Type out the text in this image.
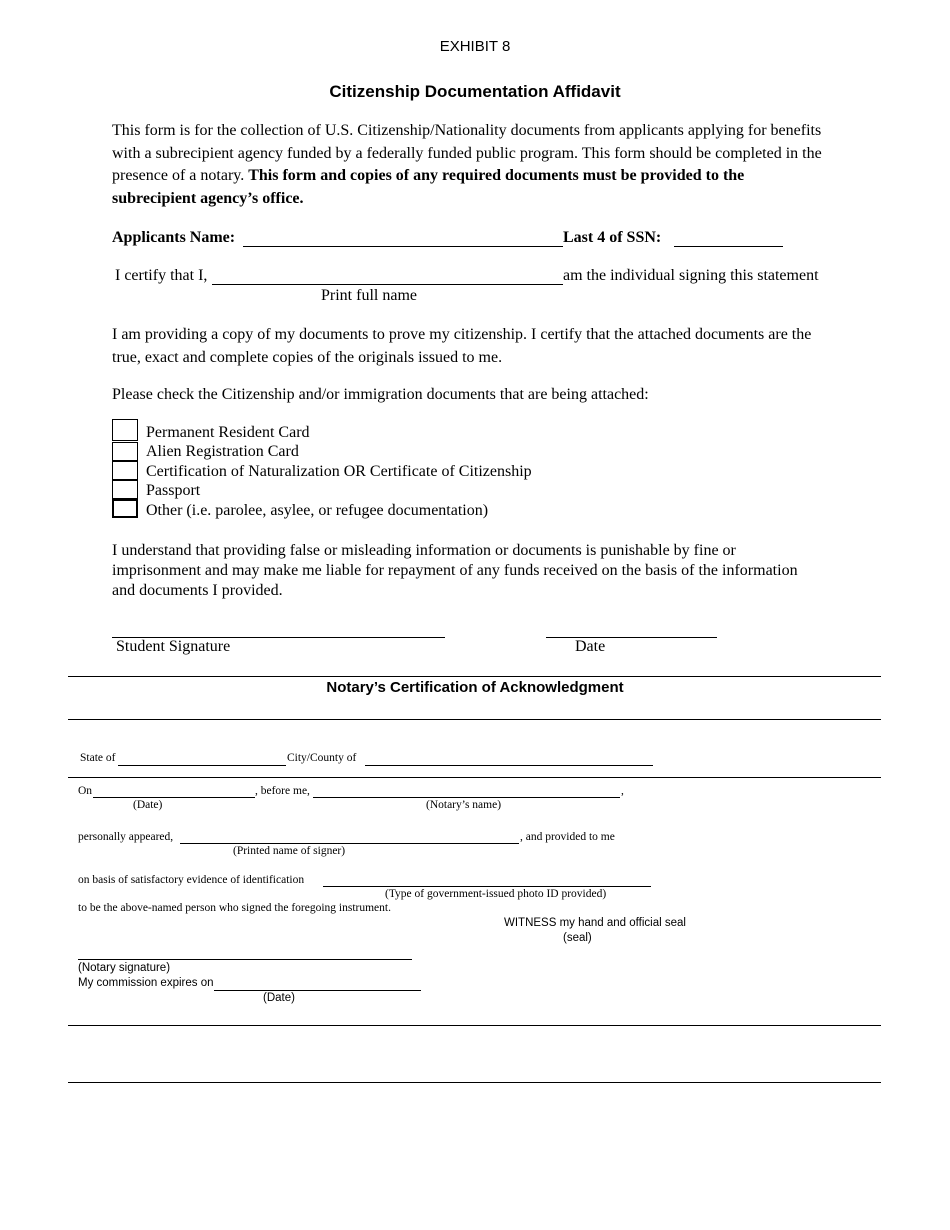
EXHIBIT 8
Citizenship Documentation Affidavit
This form is for the collection of U.S. Citizenship/Nationality documents from applicants applying for benefits with a subrecipient agency funded by a federally funded public program. This form should be completed in the presence of a notary. This form and copies of any required documents must be provided to the subrecipient agency’s office.
Applicants Name:	Last 4 of SSN:
I certify that I,	am the individual signing this statement
Print full name
I am providing a copy of my documents to prove my citizenship. I certify that the attached documents are the true, exact and complete copies of the originals issued to me.
Please check the Citizenship and/or immigration documents that are being attached:
Permanent Resident Card
Alien Registration Card
Certification of Naturalization OR Certificate of Citizenship
Passport
Other (i.e. parolee, asylee, or refugee documentation)
I understand that providing false or misleading information or documents is punishable by fine or imprisonment and may make me liable for repayment of any funds received on the basis of the information and documents I provided.
Student Signature	Date
Notary’s Certification of Acknowledgment
State of	City/County of
On	, before me,	,
(Date)	(Notary’s name)
personally appeared,	, and provided to me
(Printed name of signer)
on basis of satisfactory evidence of identification
(Type of government-issued photo ID provided)
to be the above-named person who signed the foregoing instrument.
WITNESS my hand and official seal
(seal)
(Notary signature)
My commission expires on
(Date)
